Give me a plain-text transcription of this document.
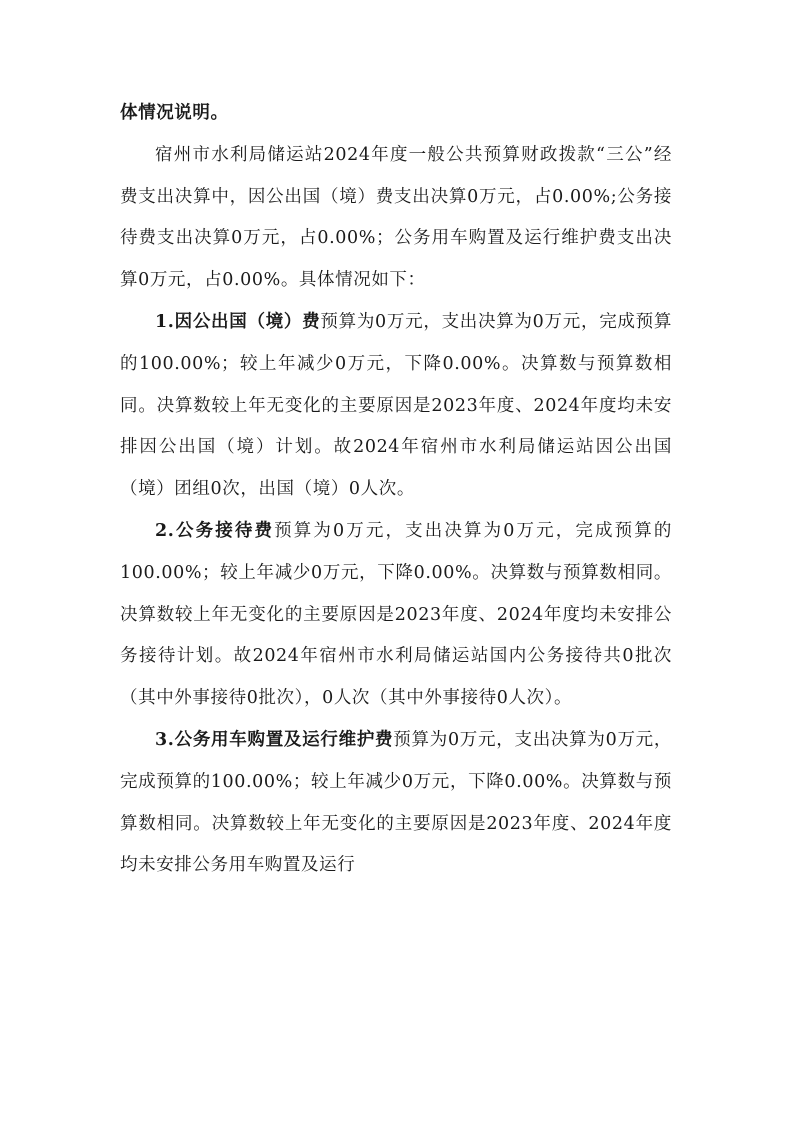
体情况说明。

宿州市水利局储运站2024年度一般公共预算财政拨款“三公”经费支出决算中，因公出国（境）费支出决算0万元，占0.00%;公务接待费支出决算0万元，占0.00%；公务用车购置及运行维护费支出决算0万元，占0.00%。具体情况如下：

1.因公出国（境）费预算为0万元，支出决算为0万元，完成预算的100.00%；较上年减少0万元，下降0.00%。决算数与预算数相同。决算数较上年无变化的主要原因是2023年度、2024年度均未安排因公出国（境）计划。故2024年宿州市水利局储运站因公出国（境）团组0次，出国（境）0人次。

2.公务接待费预算为0万元，支出决算为0万元，完成预算的100.00%；较上年减少0万元，下降0.00%。决算数与预算数相同。决算数较上年无变化的主要原因是2023年度、2024年度均未安排公务接待计划。故2024年宿州市水利局储运站国内公务接待共0批次（其中外事接待0批次），0人次（其中外事接待0人次）。

3.公务用车购置及运行维护费预算为0万元，支出决算为0万元，完成预算的100.00%；较上年减少0万元，下降0.00%。决算数与预算数相同。决算数较上年无变化的主要原因是2023年度、2024年度均未安排公务用车购置及运行
